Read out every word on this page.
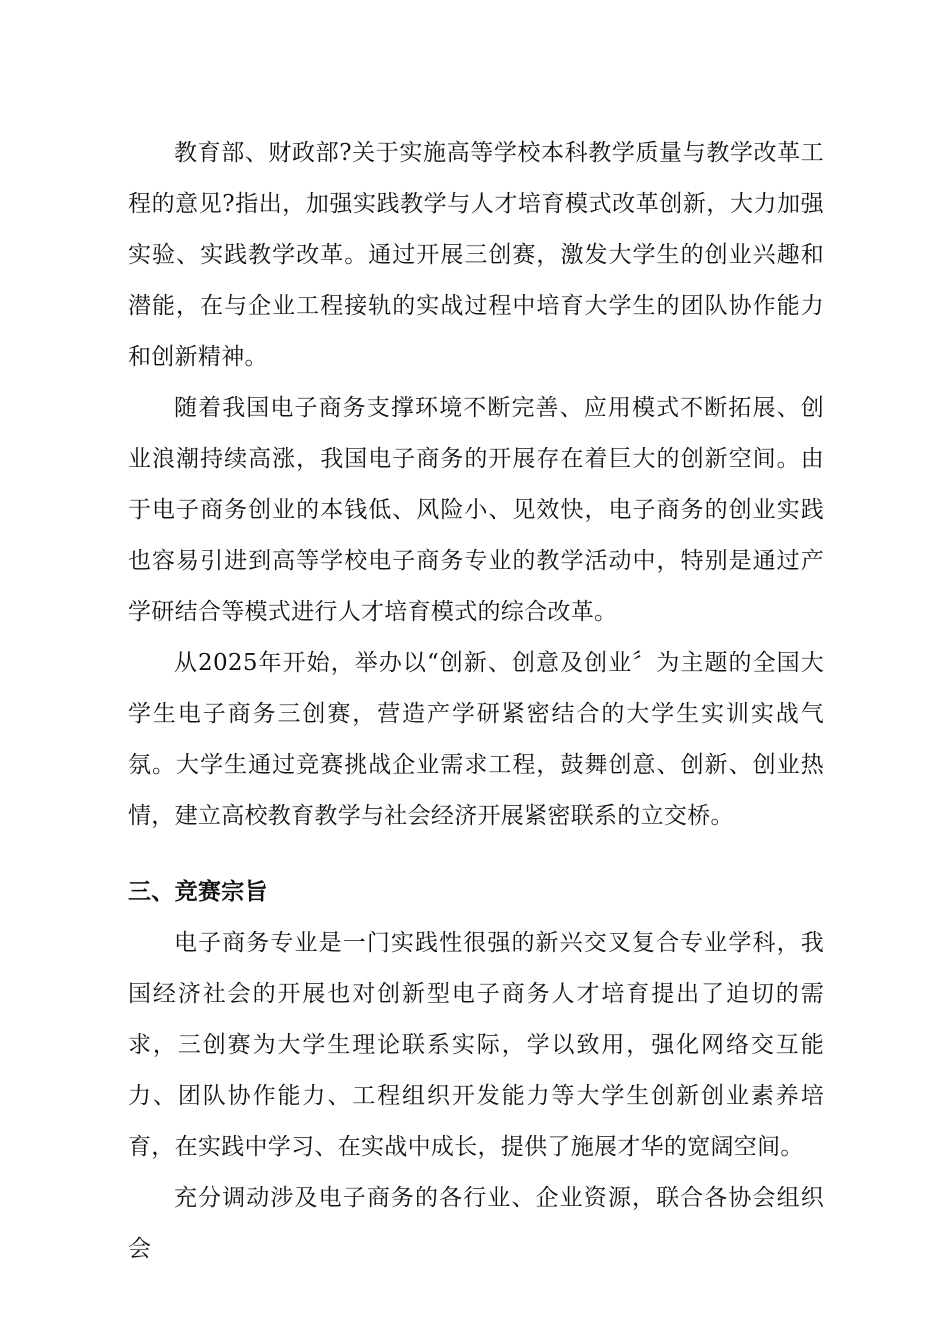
教育部、财政部?关于实施高等学校本科教学质量与教学改革工程的意见?指出，加强实践教学与人才培育模式改革创新，大力加强实验、实践教学改革。通过开展三创赛，激发大学生的创业兴趣和潜能，在与企业工程接轨的实战过程中培育大学生的团队协作能力和创新精神。

随着我国电子商务支撑环境不断完善、应用模式不断拓展、创业浪潮持续高涨，我国电子商务的开展存在着巨大的创新空间。由于电子商务创业的本钱低、风险小、见效快，电子商务的创业实践也容易引进到高等学校电子商务专业的教学活动中，特别是通过产学研结合等模式进行人才培育模式的综合改革。

从2025年开始，举办以“创新、创意及创业〞为主题的全国大学生电子商务三创赛，营造产学研紧密结合的大学生实训实战气氛。大学生通过竞赛挑战企业需求工程，鼓舞创意、创新、创业热情，建立高校教育教学与社会经济开展紧密联系的立交桥。

三、竞赛宗旨

电子商务专业是一门实践性很强的新兴交叉复合专业学科，我国经济社会的开展也对创新型电子商务人才培育提出了迫切的需求，三创赛为大学生理论联系实际，学以致用，强化网络交互能力、团队协作能力、工程组织开发能力等大学生创新创业素养培育，在实践中学习、在实战中成长，提供了施展才华的宽阔空间。

充分调动涉及电子商务的各行业、企业资源，联合各协会组织会
